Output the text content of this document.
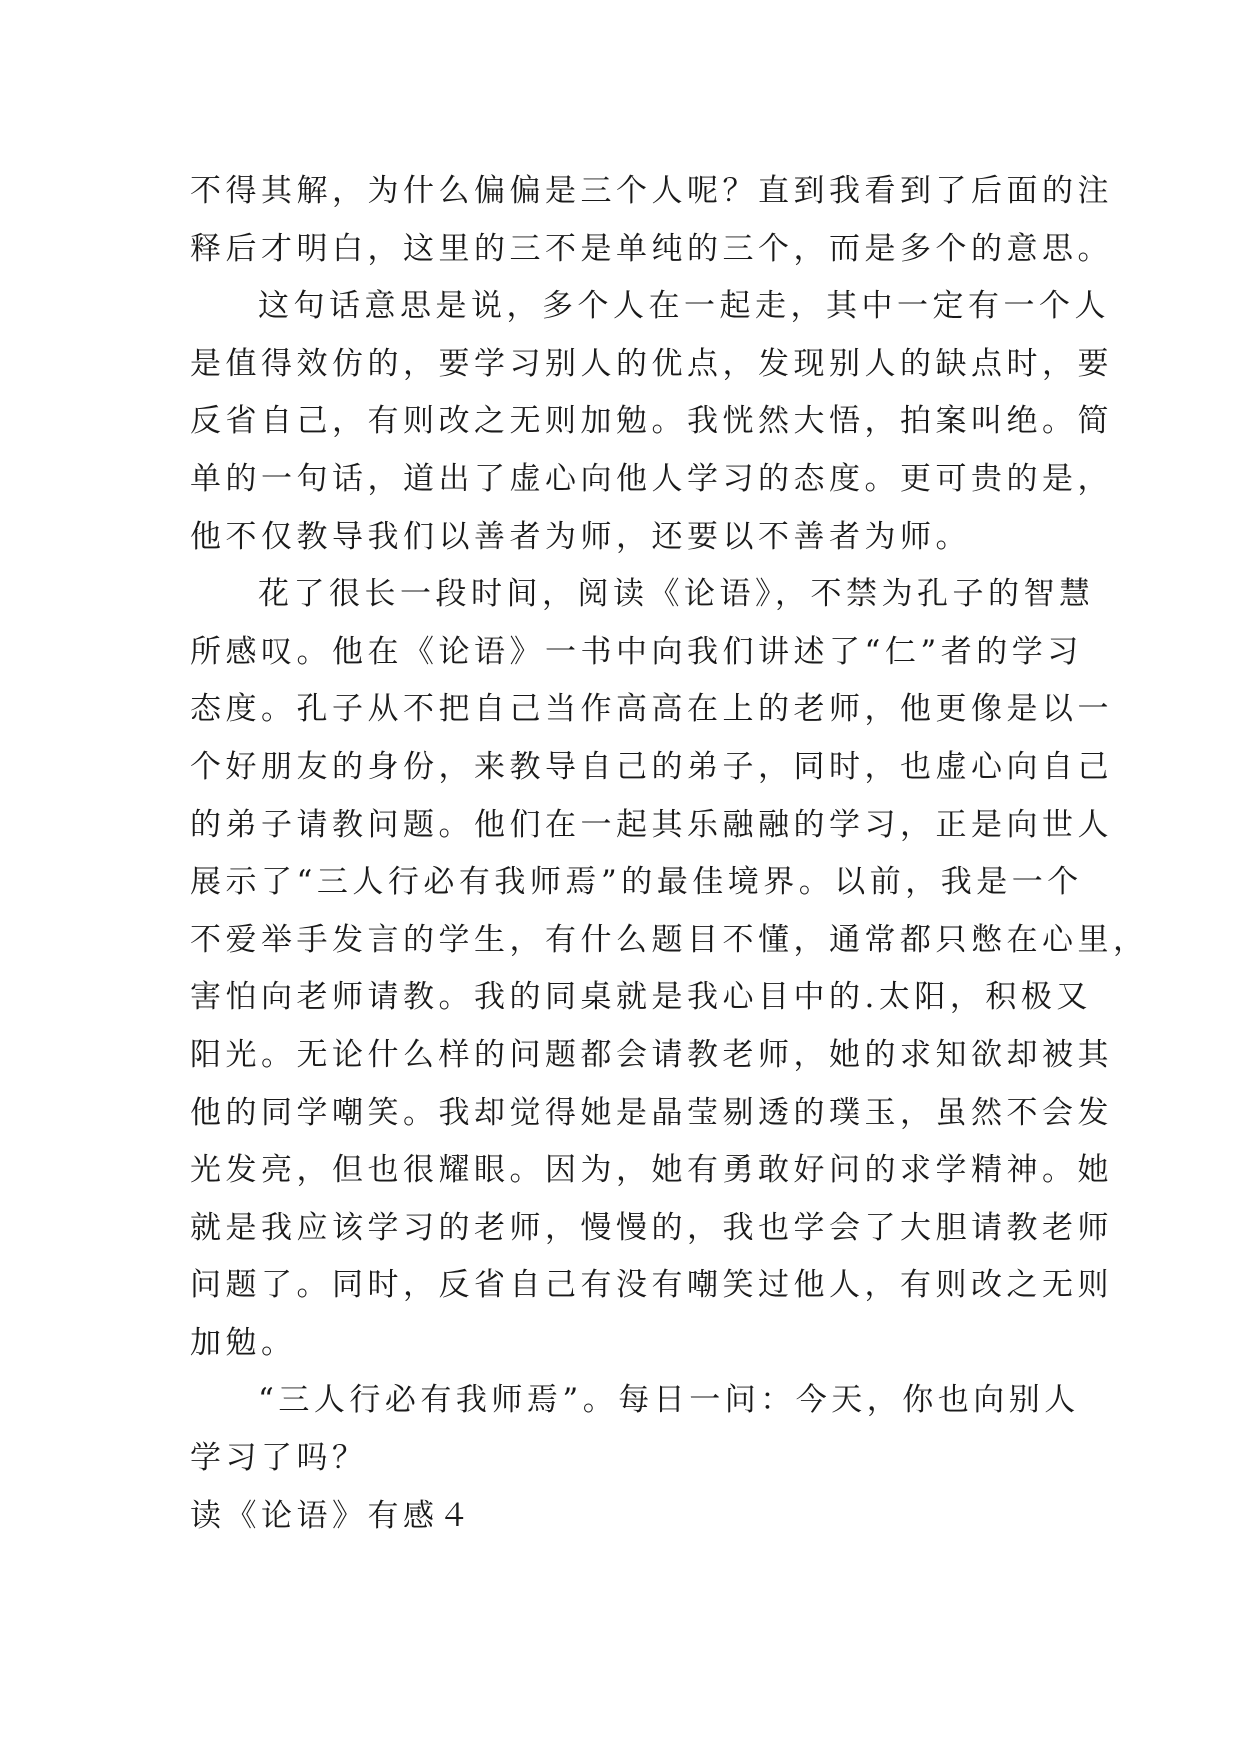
不得其解，为什么偏偏是三个人呢？直到我看到了后面的注
释后才明白，这里的三不是单纯的三个，而是多个的意思。
这句话意思是说，多个人在一起走，其中一定有一个人
是值得效仿的，要学习别人的优点，发现别人的缺点时，要
反省自己，有则改之无则加勉。我恍然大悟，拍案叫绝。简
单的一句话，道出了虚心向他人学习的态度。更可贵的是，
他不仅教导我们以善者为师，还要以不善者为师。
花了很长一段时间，阅读《论语》，不禁为孔子的智慧
所感叹。他在《论语》一书中向我们讲述了“仁”者的学习
态度。孔子从不把自己当作高高在上的老师，他更像是以一
个好朋友的身份，来教导自己的弟子，同时，也虚心向自己
的弟子请教问题。他们在一起其乐融融的学习，正是向世人
展示了“三人行必有我师焉”的最佳境界。以前，我是一个
不爱举手发言的学生，有什么题目不懂，通常都只憋在心里，
害怕向老师请教。我的同桌就是我心目中的.太阳，积极又
阳光。无论什么样的问题都会请教老师，她的求知欲却被其
他的同学嘲笑。我却觉得她是晶莹剔透的璞玉，虽然不会发
光发亮，但也很耀眼。因为，她有勇敢好问的求学精神。她
就是我应该学习的老师，慢慢的，我也学会了大胆请教老师
问题了。同时，反省自己有没有嘲笑过他人，有则改之无则
加勉。
“三人行必有我师焉”。每日一问：今天，你也向别人
学习了吗？
读《论语》有感４
